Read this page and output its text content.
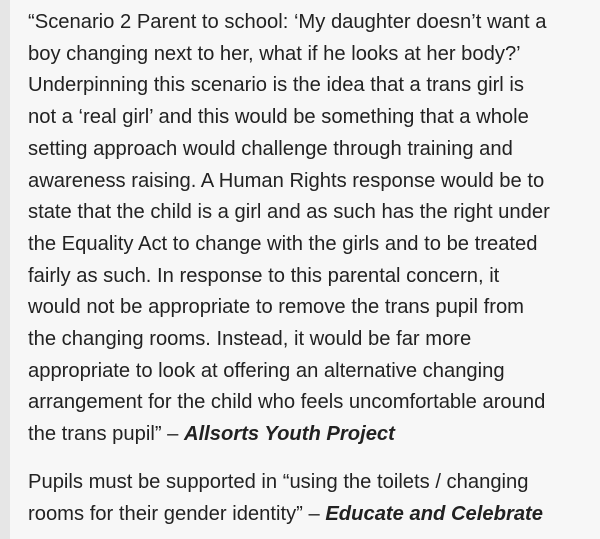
“Scenario 2 Parent to school: ‘My daughter doesn’t want a
boy changing next to her, what if he looks at her body?’
Underpinning this scenario is the idea that a trans girl is
not a ‘real girl’ and this would be something that a whole
setting approach would challenge through training and
awareness raising. A Human Rights response would be to
state that the child is a girl and as such has the right under
the Equality Act to change with the girls and to be treated
fairly as such. In response to this parental concern, it
would not be appropriate to remove the trans pupil from
the changing rooms. Instead, it would be far more
appropriate to look at offering an alternative changing
arrangement for the child who feels uncomfortable around
the trans pupil” – Allsorts Youth Project

Pupils must be supported in “using the toilets / changing
rooms for their gender identity” – Educate and Celebrate
